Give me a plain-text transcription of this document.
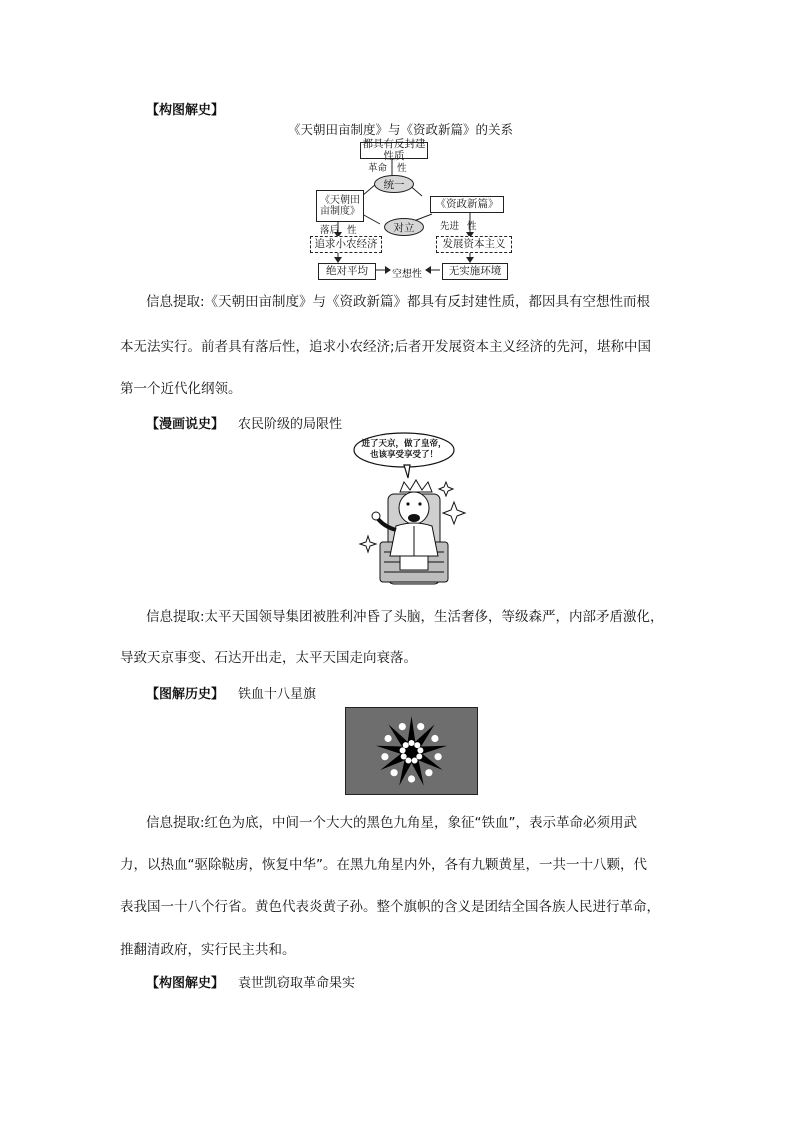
【构图解史】
《天朝田亩制度》与《资政新篇》的关系
都具有反封建性质
革命 性
统一
《天朝田
亩制度》
《资政新篇》
对立
落后 性	先进 性
追求小农经济	发展资本主义
绝对平均	空想性	无实施环境
信息提取:《天朝田亩制度》与《资政新篇》都具有反封建性质，都因具有空想性而根
本无法实行。前者具有落后性，追求小农经济;后者开发展资本主义经济的先河，堪称中国
第一个近代化纲领。
【漫画说史】 农民阶级的局限性
进了天京，做了皇帝，
也该享受享受了！
信息提取:太平天国领导集团被胜利冲昏了头脑，生活奢侈，等级森严，内部矛盾激化，
导致天京事变、石达开出走，太平天国走向衰落。
【图解历史】 铁血十八星旗
信息提取:红色为底，中间一个大大的黑色九角星，象征“铁血”，表示革命必须用武
力，以热血“驱除鞑虏，恢复中华”。在黑九角星内外，各有九颗黄星，一共一十八颗，代
表我国一十八个行省。黄色代表炎黄子孙。整个旗帜的含义是团结全国各族人民进行革命，
推翻清政府，实行民主共和。
【构图解史】 袁世凯窃取革命果实
